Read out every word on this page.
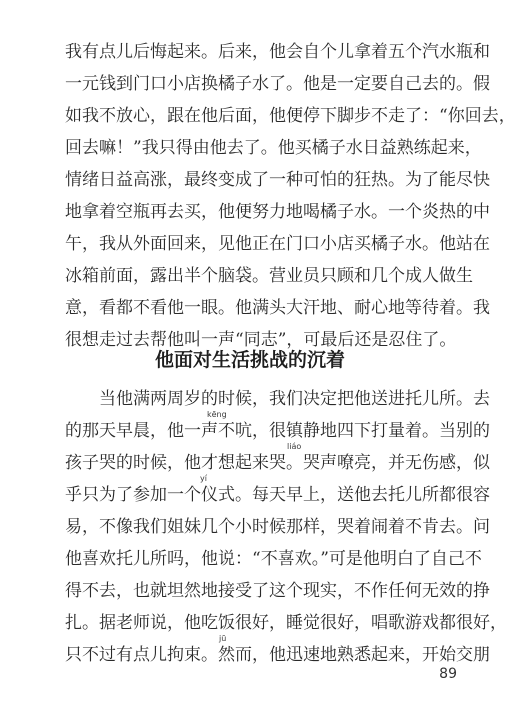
我有点儿后悔起来。后来，他会自个儿拿着五个汽水瓶和
一元钱到门口小店换橘子水了。他是一定要自己去的。假
如我不放心，跟在他后面，他便停下脚步不走了：“你回去，
回去嘛！”我只得由他去了。他买橘子水日益熟练起来，
情绪日益高涨，最终变成了一种可怕的狂热。为了能尽快
地拿着空瓶再去买，他便努力地喝橘子水。一个炎热的中
午，我从外面回来，见他正在门口小店买橘子水。他站在
冰箱前面，露出半个脑袋。营业员只顾和几个成人做生
意，看都不看他一眼。他满头大汗地、耐心地等待着。我
很想走过去帮他叫一声“同志”，可最后还是忍住了。
他面对生活挑战的沉着
当他满两周岁的时候，我们决定把他送进托儿所。去
的那天早晨，他一声不吭，很镇静地四下打量着。当别的
孩子哭的时候，他才想起来哭。哭声嘹亮，并无伤感，似
乎只为了参加一个仪式。每天早上，送他去托儿所都很容
易，不像我们姐妹几个小时候那样，哭着闹着不肯去。问
他喜欢托儿所吗，他说：“不喜欢。”可是他明白了自己不
得不去，也就坦然地接受了这个现实，不作任何无效的挣
扎。据老师说，他吃饭很好，睡觉很好，唱歌游戏都很好，
只不过有点儿拘束。然而，他迅速地熟悉起来，开始交朋
kēng
liáo
yí
jū
89
